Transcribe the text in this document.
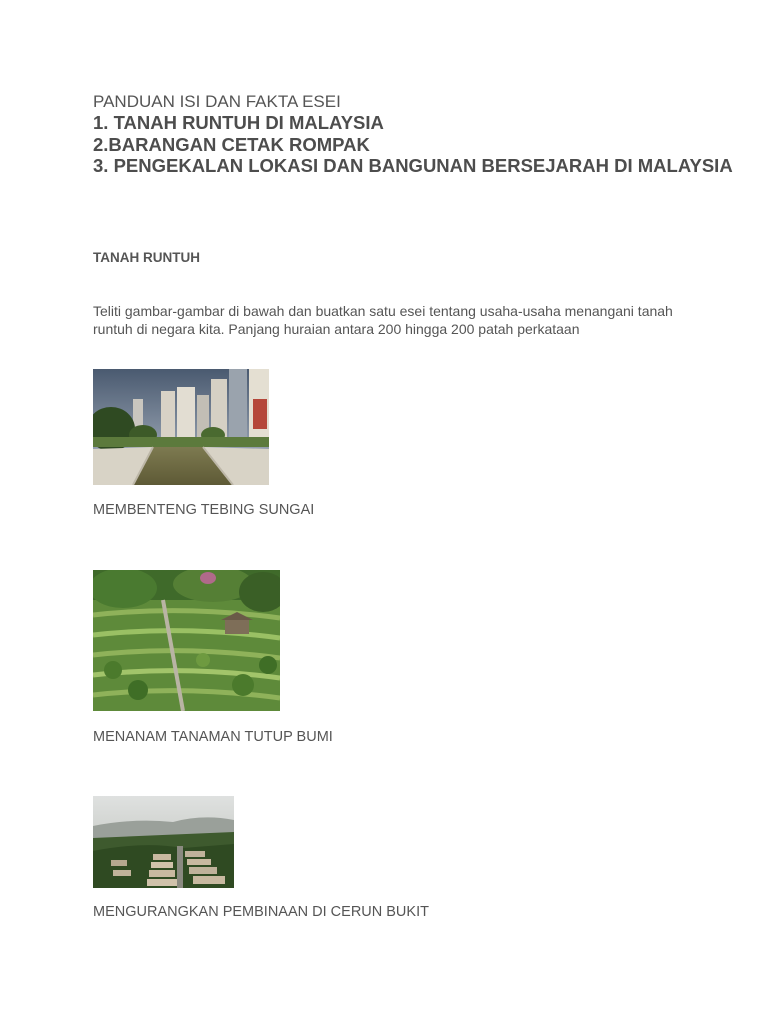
PANDUAN ISI DAN FAKTA ESEI

1. TANAH RUNTUH DI MALAYSIA
2.BARANGAN CETAK ROMPAK
3. PENGEKALAN LOKASI DAN BANGUNAN BERSEJARAH DI MALAYSIA

TANAH RUNTUH

Teliti gambar-gambar di bawah dan buatkan satu esei tentang usaha-usaha menangani tanah runtuh di negara kita. Panjang huraian antara 200 hingga 200 patah perkataan

MEMBENTENG TEBING SUNGAI

MENANAM TANAMAN TUTUP BUMI

MENGURANGKAN PEMBINAAN DI CERUN BUKIT
